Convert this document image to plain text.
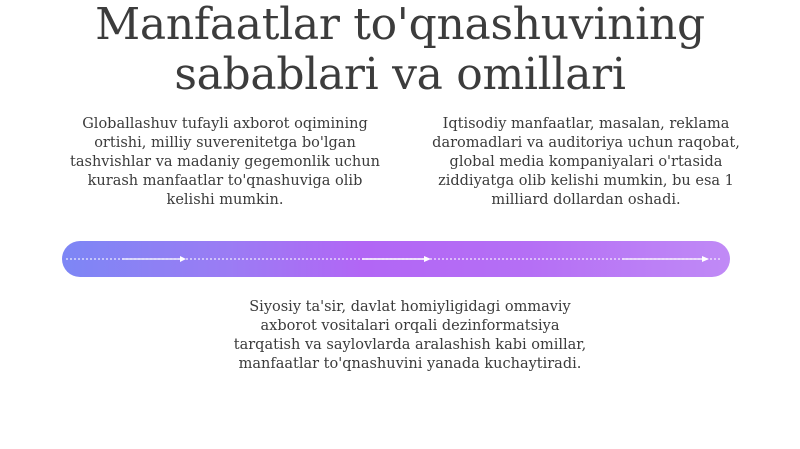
Manfaatlar to'qnashuvining sabablari va omillari

Globallashuv tufayli axborot oqimining ortishi, milliy suverenitetga bo'lgan tashvishlar va madaniy gegemonlik uchun kurash manfaatlar to'qnashuviga olib kelishi mumkin.

Iqtisodiy manfaatlar, masalan, reklama daromadlari va auditoriya uchun raqobat, global media kompaniyalari o'rtasida ziddiyatga olib kelishi mumkin, bu esa 1 milliard dollardan oshadi.

Siyosiy ta'sir, davlat homiyligidagi ommaviy axborot vositalari orqali dezinformatsiya tarqatish va saylovlarda aralashish kabi omillar, manfaatlar to'qnashuvini yanada kuchaytiradi.
